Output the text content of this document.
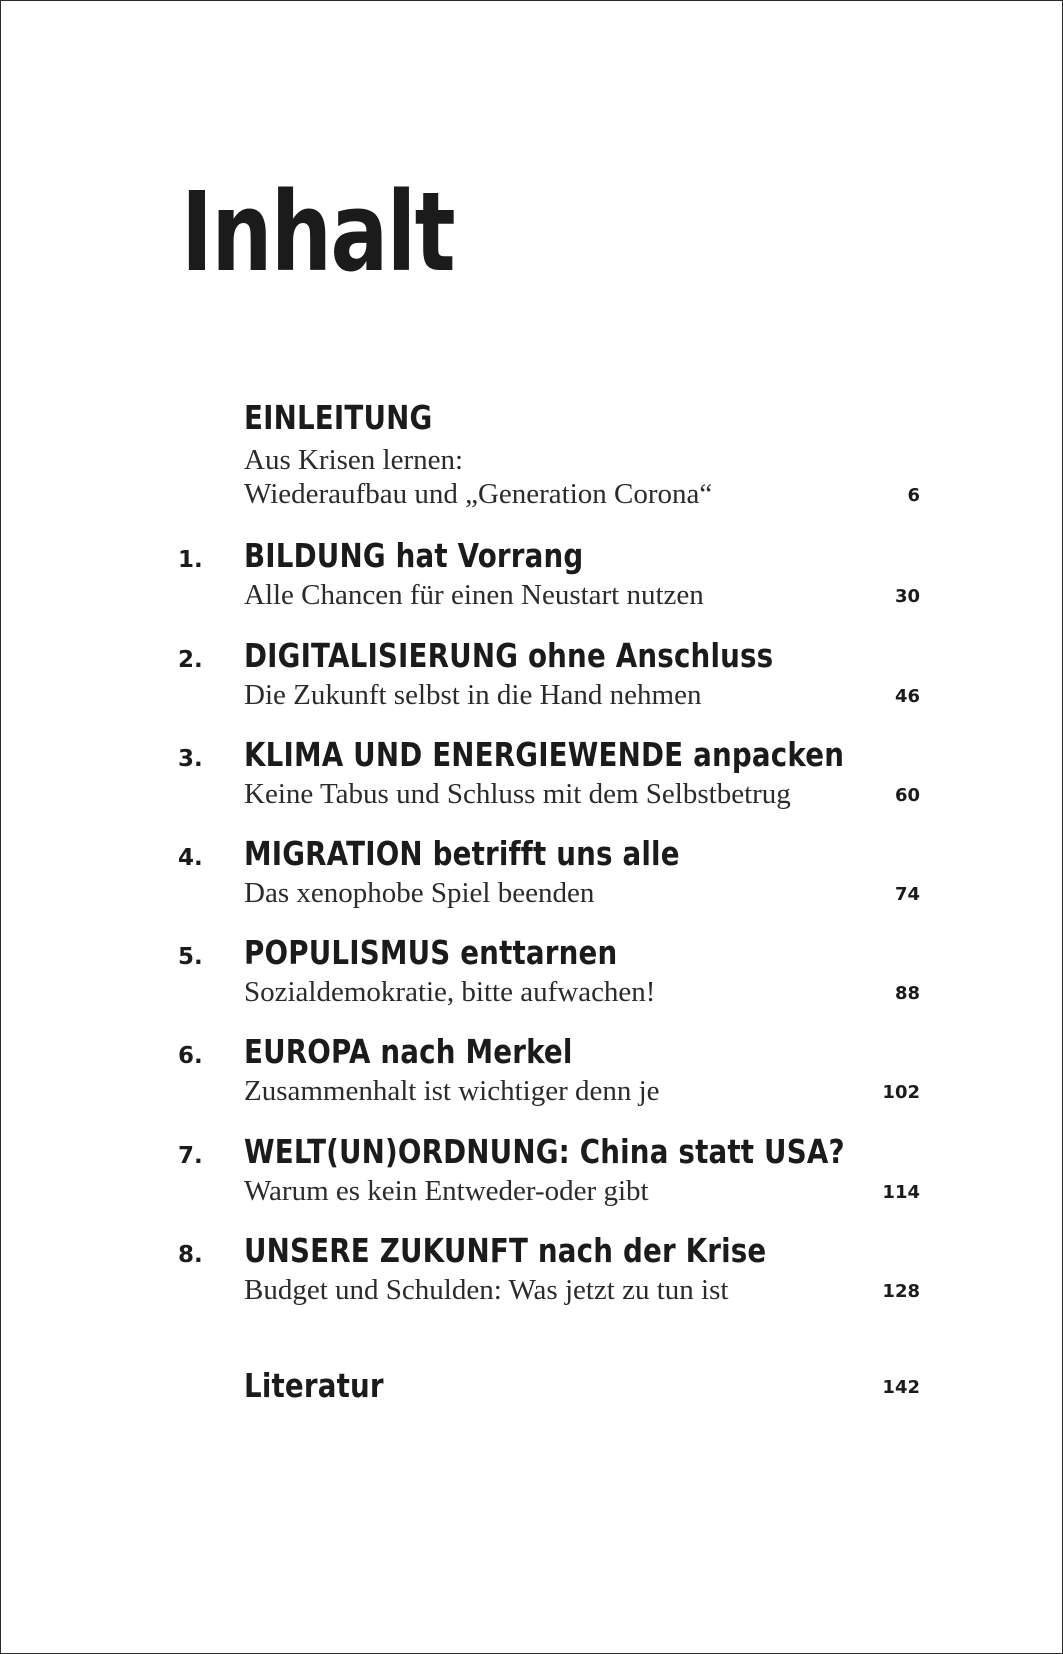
Inhalt
EINLEITUNG
Aus Krisen lernen:
Wiederaufbau und „Generation Corona“	6
1. BILDUNG hat Vorrang
Alle Chancen für einen Neustart nutzen	30
2. DIGITALISIERUNG ohne Anschluss
Die Zukunft selbst in die Hand nehmen	46
3. KLIMA UND ENERGIEWENDE anpacken
Keine Tabus und Schluss mit dem Selbstbetrug	60
4. MIGRATION betrifft uns alle
Das xenophobe Spiel beenden	74
5. POPULISMUS enttarnen
Sozialdemokratie, bitte aufwachen!	88
6. EUROPA nach Merkel
Zusammenhalt ist wichtiger denn je	102
7. WELT(UN)ORDNUNG: China statt USA?
Warum es kein Entweder-oder gibt	114
8. UNSERE ZUKUNFT nach der Krise
Budget und Schulden: Was jetzt zu tun ist	128
Literatur	142
